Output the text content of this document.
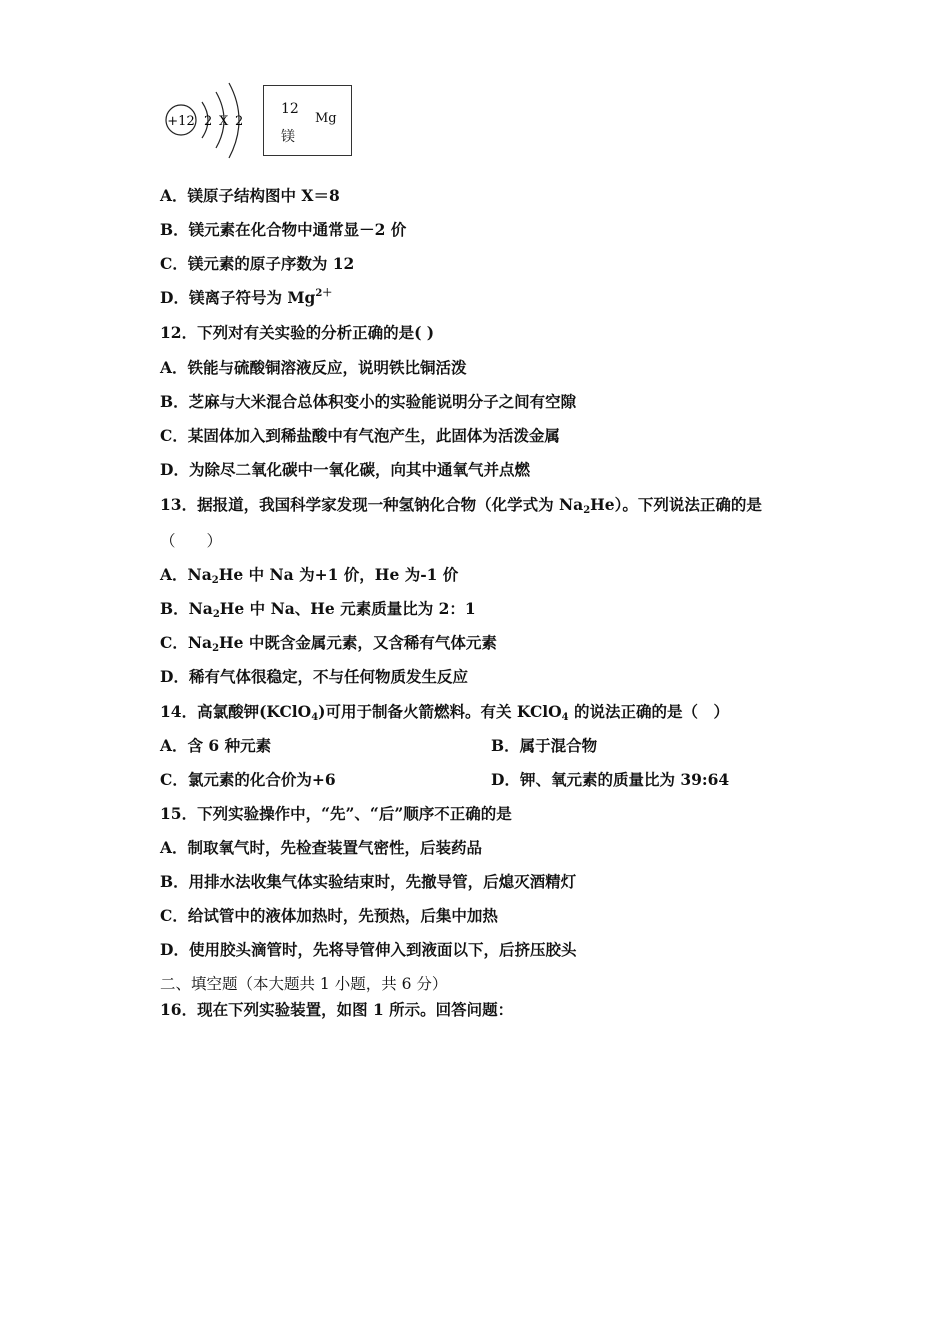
+12 2 X 2
12
Mg
镁
A．镁原子结构图中 X＝8
B．镁元素在化合物中通常显－2 价
C．镁元素的原子序数为 12
D．镁离子符号为 $Mg^{2+}$
12．下列对有关实验的分析正确的是( )
A．铁能与硫酸铜溶液反应，说明铁比铜活泼
B．芝麻与大米混合总体积变小的实验能说明分子之间有空隙
C．某固体加入到稀盐酸中有气泡产生，此固体为活泼金属
D．为除尽二氧化碳中一氧化碳，向其中通氧气并点燃
13．据报道，我国科学家发现一种氢钠化合物（化学式为 $Na_2He$）。下列说法正确的是
（　　）
A．$Na_2He$ 中 Na 为+1 价，He 为-1 价
B．$Na_2He$ 中 Na、He 元素质量比为 2：1
C．$Na_2He$ 中既含金属元素，又含稀有气体元素
D．稀有气体很稳定，不与任何物质发生反应
14．高氯酸钾(KClO$_4$)可用于制备火箭燃料。有关 KClO$_4$ 的说法正确的是（　）
A．含 6 种元素	B．属于混合物
C．氯元素的化合价为+6	D．钾、氧元素的质量比为 39:64
15．下列实验操作中，“先”、“后”顺序不正确的是
A．制取氧气时，先检查装置气密性，后装药品
B．用排水法收集气体实验结束时，先撤导管，后熄灭酒精灯
C．给试管中的液体加热时，先预热，后集中加热
D．使用胶头滴管时，先将导管伸入到液面以下，后挤压胶头
二、填空题（本大题共 1 小题，共 6 分）
16．现在下列实验装置，如图 1 所示。回答问题：
